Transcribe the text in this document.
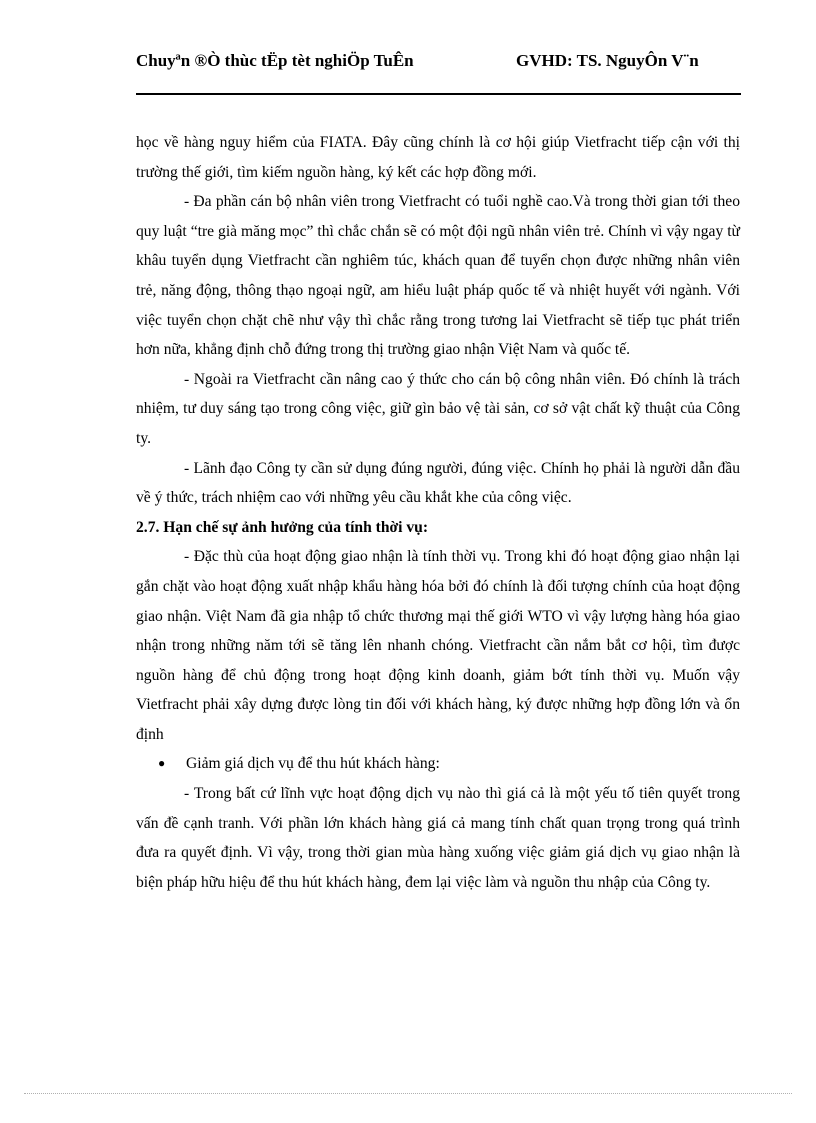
Chuyªn ®Ò thùc tËp tèt nghiÖp TuÊn	GVHD: TS. NguyÔn V¨n

học về hàng nguy hiểm của FIATA. Đây cũng chính là cơ hội giúp Vietfracht tiếp cận với thị trường thế giới, tìm kiếm nguồn hàng, ký kết các hợp đồng mới.

- Đa phần cán bộ nhân viên trong Vietfracht có tuổi nghề cao.Và trong thời gian tới theo quy luật “tre già măng mọc” thì chắc chắn sẽ có một đội ngũ nhân viên trẻ. Chính vì vậy ngay từ khâu tuyển dụng Vietfracht cần nghiêm túc, khách quan để tuyển chọn được những nhân viên trẻ, năng động, thông thạo ngoại ngữ, am hiểu luật pháp quốc tế và nhiệt huyết với ngành. Với việc tuyển chọn chặt chẽ như vậy thì chắc rằng trong tương lai Vietfracht sẽ tiếp tục phát triển hơn nữa, khẳng định chỗ đứng trong thị trường giao nhận Việt Nam và quốc tế.

- Ngoài ra Vietfracht cần nâng cao ý thức cho cán bộ công nhân viên. Đó chính là trách nhiệm, tư duy sáng tạo trong công việc, giữ gìn bảo vệ tài sản, cơ sở vật chất kỹ thuật của Công ty.

- Lãnh đạo Công ty cần sử dụng đúng người, đúng việc. Chính họ phải là người dẫn đầu về ý thức, trách nhiệm cao với những yêu cầu khắt khe của công việc.

2.7. Hạn chế sự ảnh hưởng của tính thời vụ:

- Đặc thù của hoạt động giao nhận là tính thời vụ. Trong khi đó hoạt động giao nhận lại gắn chặt vào hoạt động xuất nhập khẩu hàng hóa bởi đó chính là đối tượng chính của hoạt động giao nhận. Việt Nam đã gia nhập tổ chức thương mại thế giới WTO vì vậy lượng hàng hóa giao nhận trong những năm tới sẽ tăng lên nhanh chóng. Vietfracht cần nắm bắt cơ hội, tìm được nguồn hàng để chủ động trong hoạt động kinh doanh, giảm bớt tính thời vụ. Muốn vậy Vietfracht phải xây dựng được lòng tin đối với khách hàng, ký được những hợp đồng lớn và ổn định

● Giảm giá dịch vụ để thu hút khách hàng:

- Trong bất cứ lĩnh vực hoạt động dịch vụ nào thì giá cả là một yếu tố tiên quyết trong vấn đề cạnh tranh. Với phần lớn khách hàng giá cả mang tính chất quan trọng trong quá trình đưa ra quyết định. Vì vậy, trong thời gian mùa hàng xuống việc giảm giá dịch vụ giao nhận là biện pháp hữu hiệu để thu hút khách hàng, đem lại việc làm và nguồn thu nhập của Công ty.
